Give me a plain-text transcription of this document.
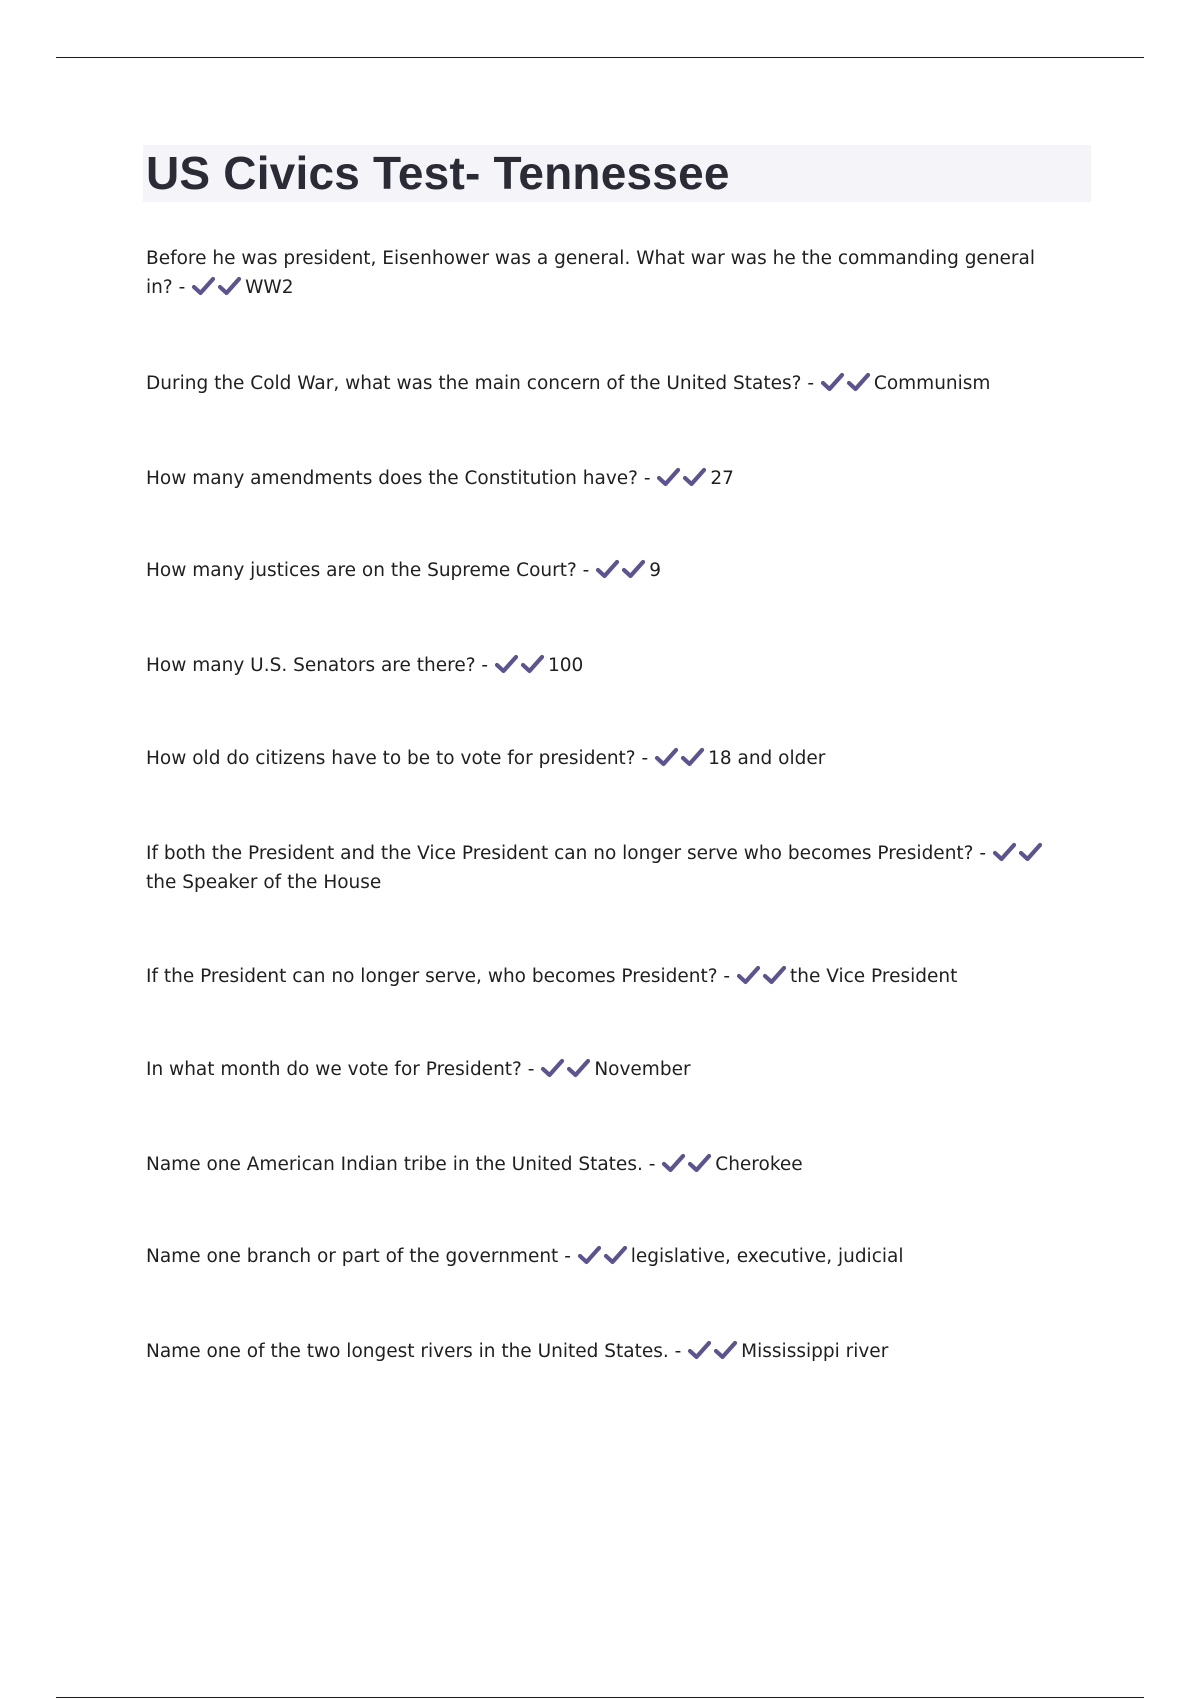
US Civics Test- Tennessee

Before he was president, Eisenhower was a general. What war was he the commanding general in? -	WW2

During the Cold War, what was the main concern of the United States? -	Communism

How many amendments does the Constitution have? -	27

How many justices are on the Supreme Court? -	9

How many U.S. Senators are there? -	100

How old do citizens have to be to vote for president? -	18 and older

If both the President and the Vice President can no longer serve who becomes President? - the Speaker of the House

If the President can no longer serve, who becomes President? -	the Vice President

In what month do we vote for President? -	November

Name one American Indian tribe in the United States. -	Cherokee

Name one branch or part of the government -	legislative, executive, judicial

Name one of the two longest rivers in the United States. -	Mississippi river
